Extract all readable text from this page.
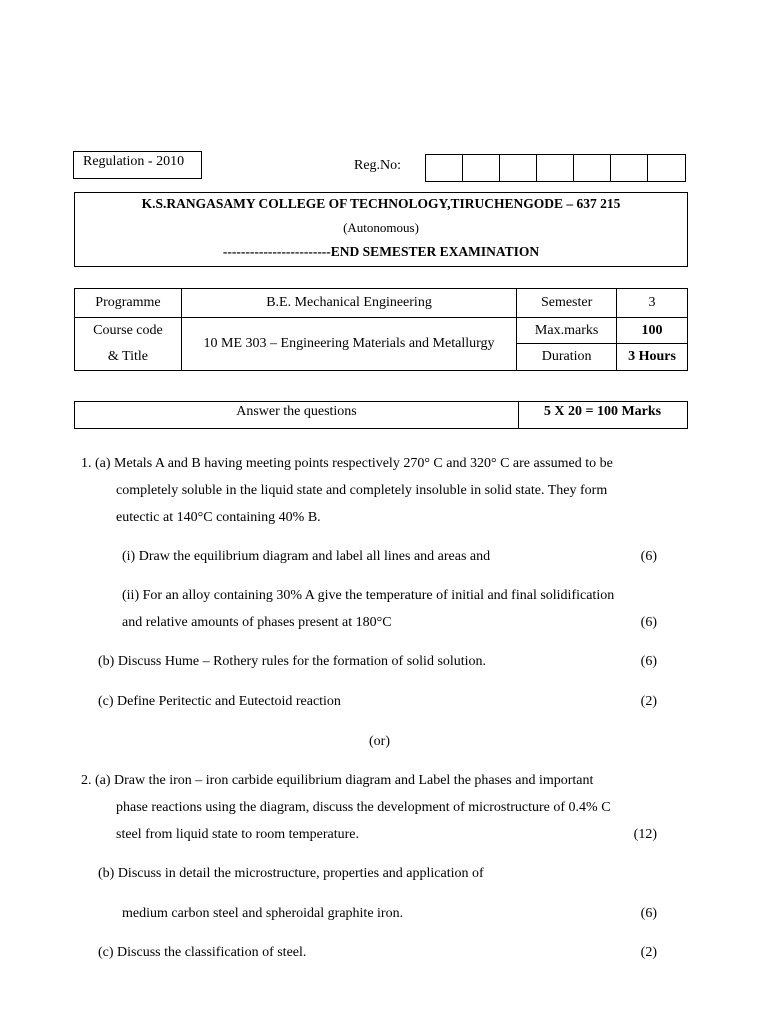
Regulation - 2010	Reg.No:
K.S.RANGASAMY COLLEGE OF TECHNOLOGY,TIRUCHENGODE – 637 215
(Autonomous)
------------------------END SEMESTER EXAMINATION
Programme	B.E. Mechanical Engineering	Semester	3

Course code
& Title	10 ME 303 – Engineering Materials and Metallurgy	Max.marks	100
		Duration	3 Hours
Answer the questions	5 X 20 = 100 Marks
1. (a) Metals A and B having meeting points respectively 270° C and 320° C are assumed to be
completely soluble in the liquid state and completely insoluble in solid state. They form
eutectic at 140°C containing 40% B.
(i) Draw the equilibrium diagram and label all lines and areas and	(6)
(ii) For an alloy containing 30% A give the temperature of initial and final solidification
and relative amounts of phases present at 180°C	(6)
(b) Discuss Hume – Rothery rules for the formation of solid solution.	(6)
(c) Define Peritectic and Eutectoid reaction	(2)
(or)
2. (a) Draw the iron – iron carbide equilibrium diagram and Label the phases and important
phase reactions using the diagram, discuss the development of microstructure of 0.4% C
steel from liquid state to room temperature.	(12)
(b) Discuss in detail the microstructure, properties and application of
medium carbon steel and spheroidal graphite iron.	(6)
(c) Discuss the classification of steel.	(2)
